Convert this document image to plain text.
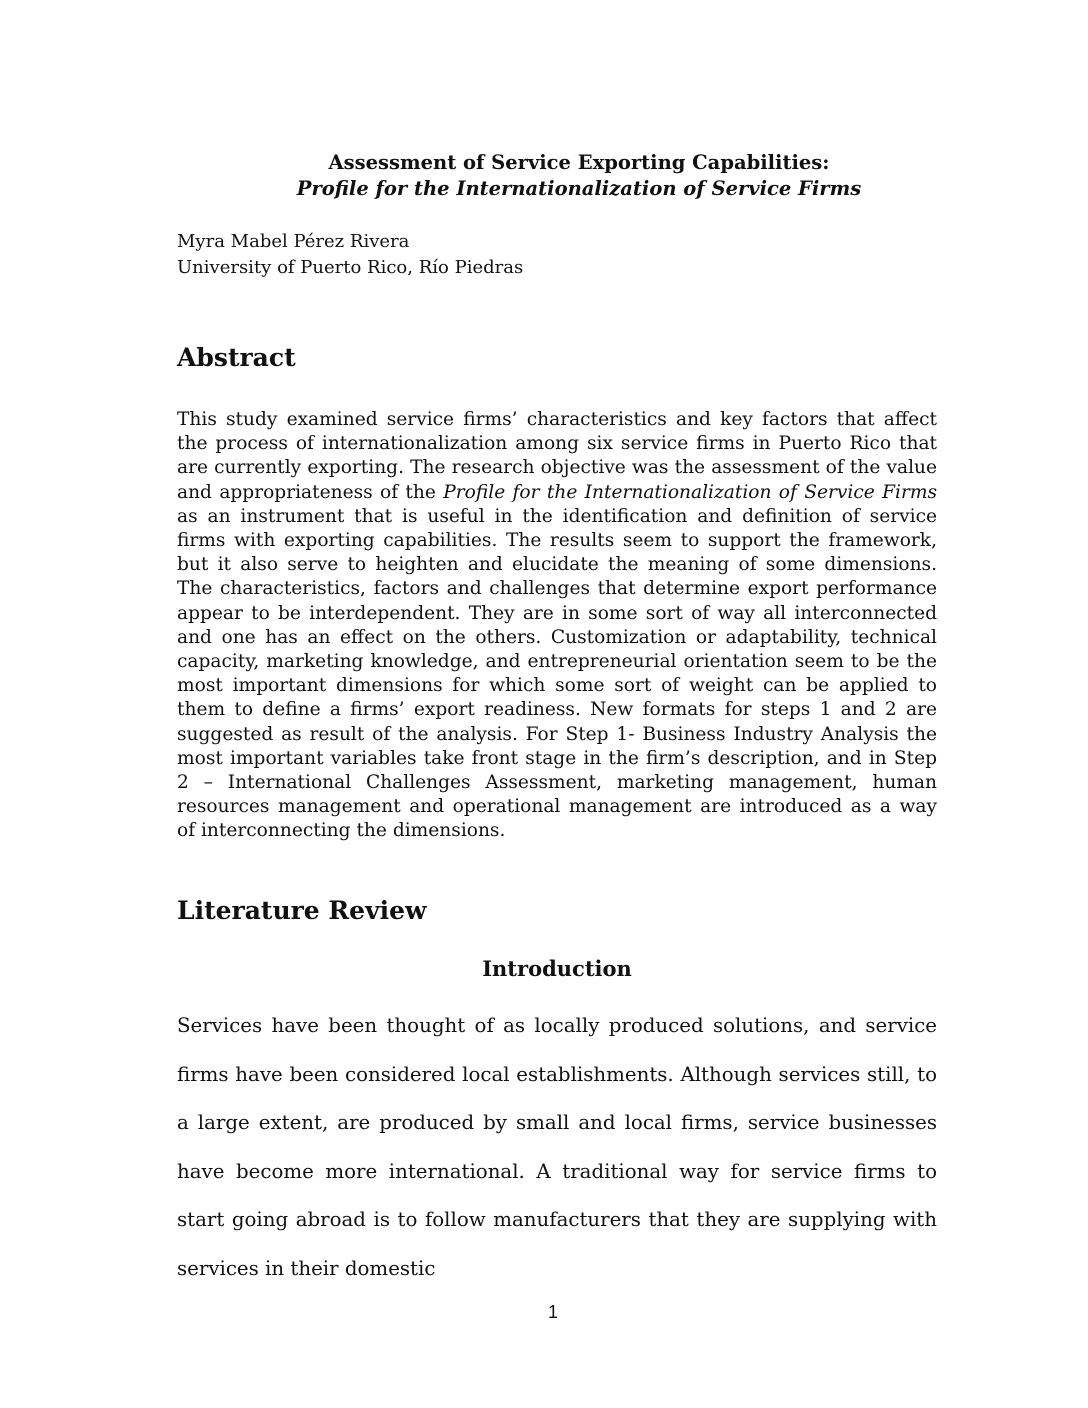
Assessment of Service Exporting Capabilities:
Profile for the Internationalization of Service Firms
Myra Mabel Pérez Rivera
University of Puerto Rico, Río Piedras
Abstract
This study examined service firms’ characteristics and key factors that affect the process of internationalization among six service firms in Puerto Rico that are currently exporting. The research objective was the assessment of the value and appropriateness of the Profile for the Internationalization of Service Firms as an instrument that is useful in the identification and definition of service firms with exporting capabilities. The results seem to support the framework, but it also serve to heighten and elucidate the meaning of some dimensions. The characteristics, factors and challenges that determine export performance appear to be interdependent. They are in some sort of way all interconnected and one has an effect on the others. Customization or adaptability, technical capacity, marketing knowledge, and entrepreneurial orientation seem to be the most important dimensions for which some sort of weight can be applied to them to define a firms’ export readiness. New formats for steps 1 and 2 are suggested as result of the analysis. For Step 1- Business Industry Analysis the most important variables take front stage in the firm’s description, and in Step 2 – International Challenges Assessment, marketing management, human resources management and operational management are introduced as a way of interconnecting the dimensions.
Literature Review
Introduction
Services have been thought of as locally produced solutions, and service firms have been considered local establishments. Although services still, to a large extent, are produced by small and local firms, service businesses have become more international. A traditional way for service firms to start going abroad is to follow manufacturers that they are supplying with services in their domestic
1
